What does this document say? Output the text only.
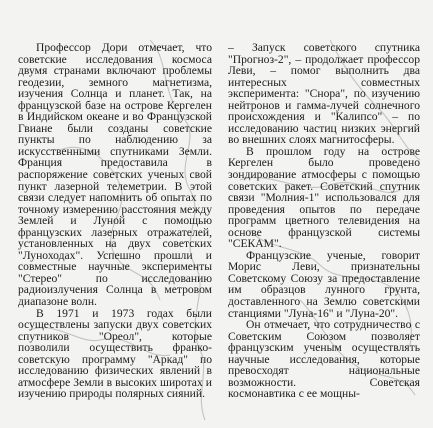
Профессор Дори отмечает, что советские исследования космоса двумя странами включают проблемы геодезии, земного магнетизма, изучения Солнца и планет. Так, на французской базе на острове Кергелен в Индийском океане и во Французской Гвиане были созданы советские пункты по наблюдению за искусственными спутниками Земли. Франция предоставила в распоряжение советских ученых свой пункт лазерной телеметрии. В этой связи следует напомнить об опытах по точному измерению расстояния между Землей и Луной с помощью французских лазерных отражателей, установленных на двух советских "Луноходах". Успешно прошли и совместные научные эксперименты "Стерео" по исследованию радиоизлучения Солнца в метровом диапазоне волн.

В 1971 и 1973 годах были осуществлены запуски двух советских спутников "Орeол", которые позволили осуществить франко-советскую программу "Аркад" по исследованию физических явлений в атмосфере Земли в высоких широтах и изучению природы полярных сияний.

– Запуск советского спутника "Прогноз-2", – продолжает профессор Леви, – помог выполнить два интересных совместных эксперимента: "Снора", по изучению нейтронов и гамма-лучей солнечного происхождения и "Калипсо" – по исследованию частиц низких энергий во внешних слоях магнитосферы.

В прошлом году на острове Кергелен было проведено зондирование атмосферы с помощью советских ракет. Советский спутник связи "Молния-1" использовался для проведения опытов по передаче программ цветного телевидения на основе французской системы "СЕКАМ".

Французские ученые, говорит Морис Леви, признательны Советскому Союзу за предоставление им образцов лунного грунта, доставленного на Землю советскими станциями "Луна-16" и "Луна-20".

Он отмечает, что сотрудничество с Советским Союзом позволяет французским ученым осуществлять научные исследования, которые превосходят национальные возможности. Советская космонавтика с ее мощны-
